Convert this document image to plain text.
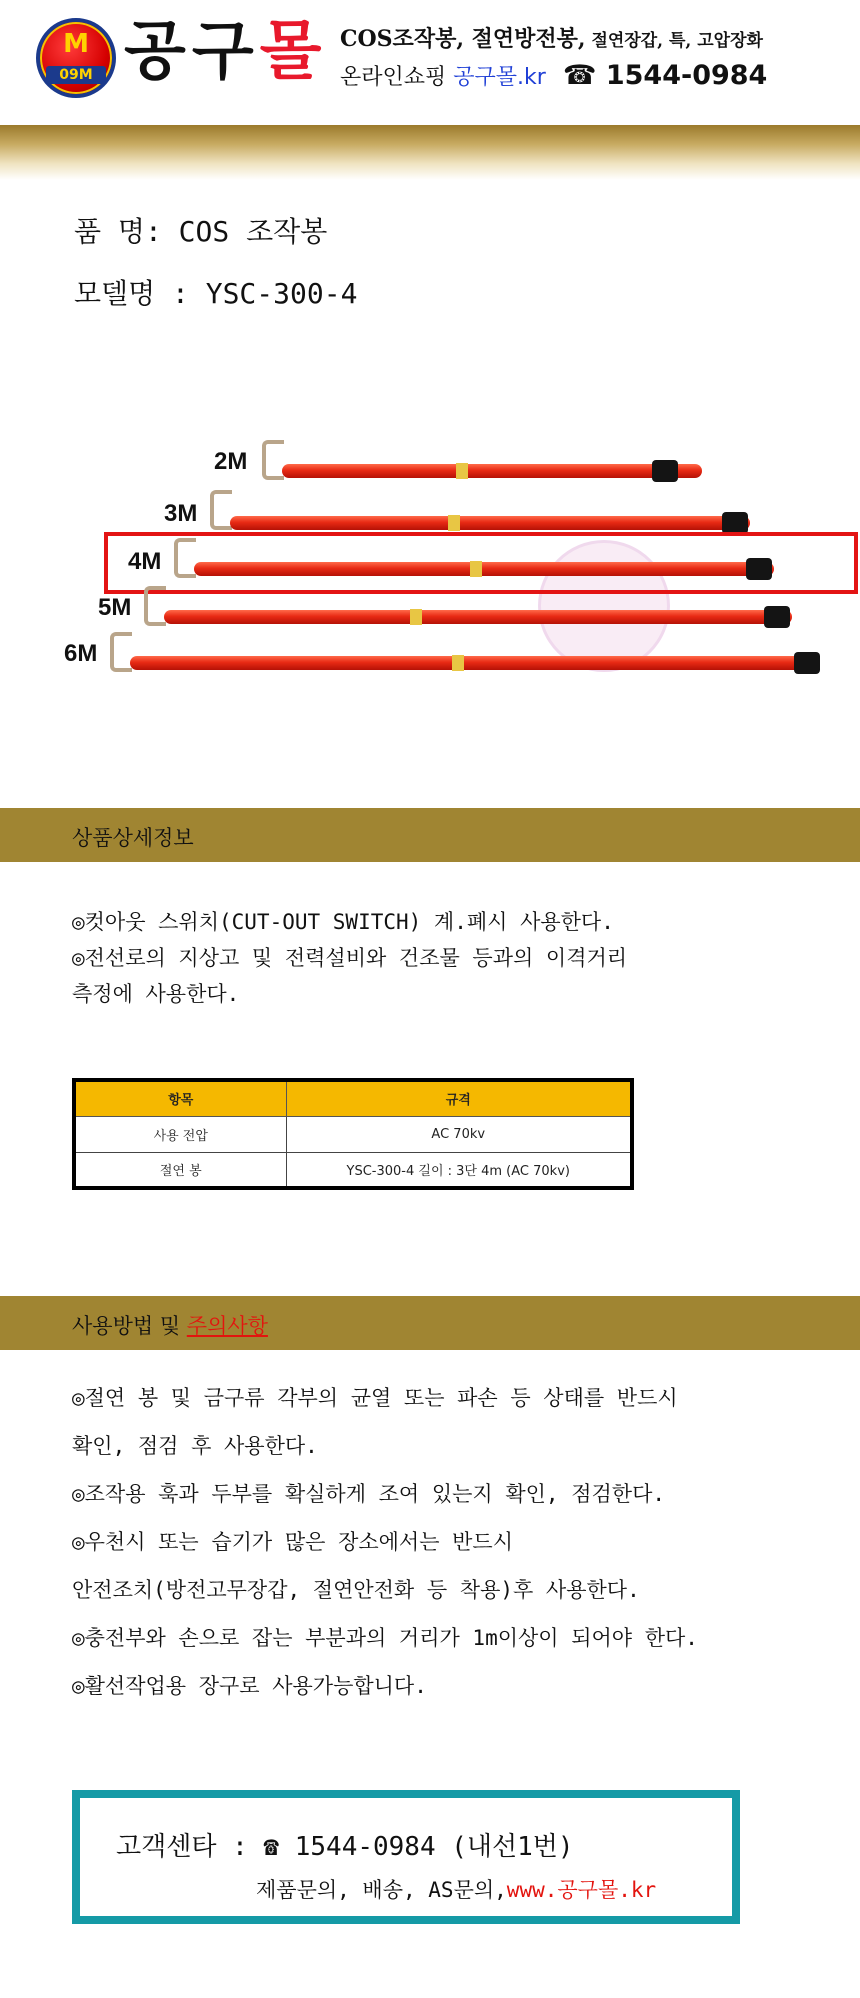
M
09M 공구몰 COS조작봉, 절연방전봉, 절연장갑, 특, 고압장화
온라인쇼핑 공구몰.kr ☎ 1544-0984
품 명: COS 조작봉
모델명 : YSC-300-4
2M
3M
4M
5M
6M
상품상세정보
◎컷아웃 스위치(CUT-OUT SWITCH) 계.폐시 사용한다.
◎전선로의 지상고 및 전력설비와 건조물 등과의 이격거리
측정에 사용한다.
항목	규격
사용 전압	AC 70kv
절연 봉	YSC-300-4 길이 : 3단 4m (AC 70kv)
사용방법 및 주의사항
◎절연 봉 및 금구류 각부의 균열 또는 파손 등 상태를 반드시
확인, 점검 후 사용한다.
◎조작용 훅과 두부를 확실하게 조여 있는지 확인, 점검한다.
◎우천시 또는 습기가 많은 장소에서는 반드시
안전조치(방전고무장갑, 절연안전화 등 착용)후 사용한다.
◎충전부와 손으로 잡는 부분과의 거리가 1m이상이 되어야 한다.
◎활선작업용 장구로 사용가능합니다.
고객센타 : ☎ 1544-0984 (내선1번)
제품문의, 배송, AS문의,www.공구몰.kr
